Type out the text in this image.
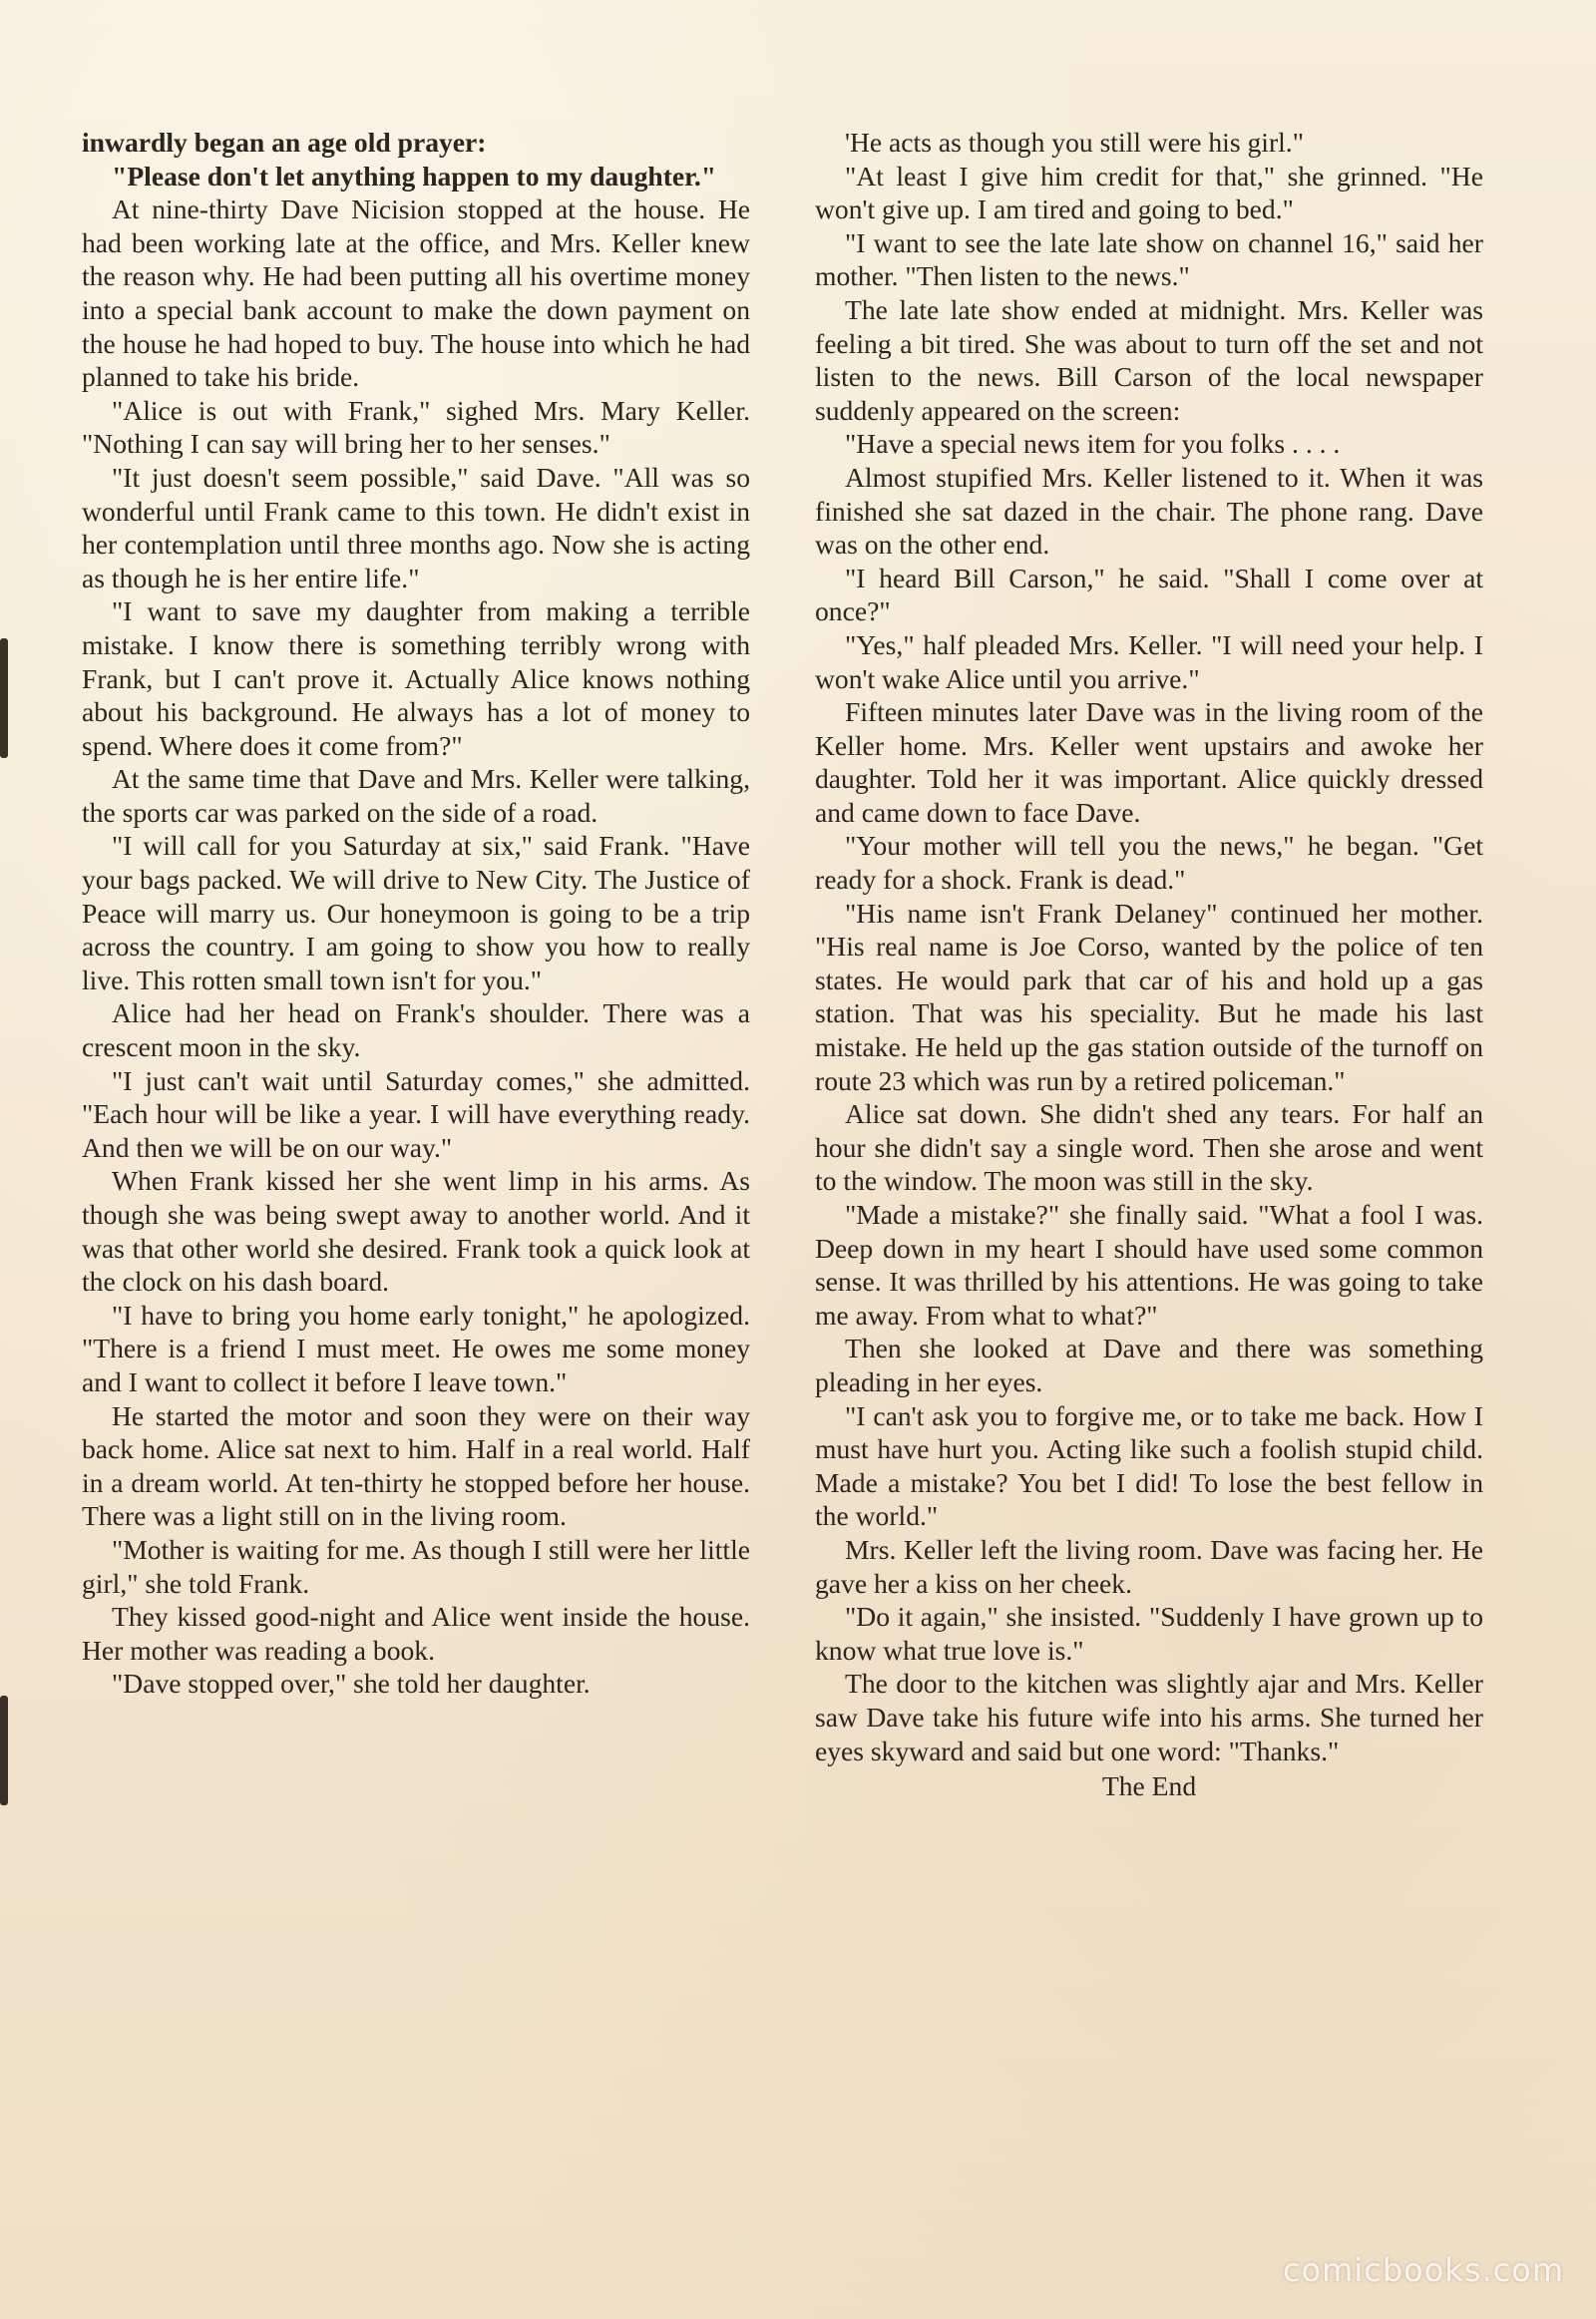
inwardly began an age old prayer:

"Please don't let anything happen to my daughter."

At nine-thirty Dave Nicision stopped at the house. He had been working late at the office, and Mrs. Keller knew the reason why. He had been putting all his overtime money into a special bank account to make the down payment on the house he had hoped to buy. The house into which he had planned to take his bride.

"Alice is out with Frank," sighed Mrs. Mary Keller. "Nothing I can say will bring her to her senses."

"It just doesn't seem possible," said Dave. "All was so wonderful until Frank came to this town. He didn't exist in her contemplation until three months ago. Now she is acting as though he is her entire life."

"I want to save my daughter from making a terrible mistake. I know there is something terribly wrong with Frank, but I can't prove it. Actually Alice knows nothing about his background. He always has a lot of money to spend. Where does it come from?"

At the same time that Dave and Mrs. Keller were talking, the sports car was parked on the side of a road.

"I will call for you Saturday at six," said Frank. "Have your bags packed. We will drive to New City. The Justice of Peace will marry us. Our honeymoon is going to be a trip across the country. I am going to show you how to really live. This rotten small town isn't for you."

Alice had her head on Frank's shoulder. There was a crescent moon in the sky.

"I just can't wait until Saturday comes," she admitted. "Each hour will be like a year. I will have everything ready. And then we will be on our way."

When Frank kissed her she went limp in his arms. As though she was being swept away to another world. And it was that other world she desired. Frank took a quick look at the clock on his dash board.

"I have to bring you home early tonight," he apologized. "There is a friend I must meet. He owes me some money and I want to collect it before I leave town."

He started the motor and soon they were on their way back home. Alice sat next to him. Half in a real world. Half in a dream world. At ten-thirty he stopped before her house. There was a light still on in the living room.

"Mother is waiting for me. As though I still were her little girl," she told Frank.

They kissed good-night and Alice went inside the house. Her mother was reading a book.

"Dave stopped over," she told her daughter.

'He acts as though you still were his girl."

"At least I give him credit for that," she grinned. "He won't give up. I am tired and going to bed."

"I want to see the late late show on channel 16," said her mother. "Then listen to the news."

The late late show ended at midnight. Mrs. Keller was feeling a bit tired. She was about to turn off the set and not listen to the news. Bill Carson of the local newspaper suddenly appeared on the screen:

"Have a special news item for you folks . . . .

Almost stupified Mrs. Keller listened to it. When it was finished she sat dazed in the chair. The phone rang. Dave was on the other end.

"I heard Bill Carson," he said. "Shall I come over at once?"

"Yes," half pleaded Mrs. Keller. "I will need your help. I won't wake Alice until you arrive."

Fifteen minutes later Dave was in the living room of the Keller home. Mrs. Keller went upstairs and awoke her daughter. Told her it was important. Alice quickly dressed and came down to face Dave.

"Your mother will tell you the news," he began. "Get ready for a shock. Frank is dead."

"His name isn't Frank Delaney" continued her mother. "His real name is Joe Corso, wanted by the police of ten states. He would park that car of his and hold up a gas station. That was his speciality. But he made his last mistake. He held up the gas station outside of the turnoff on route 23 which was run by a retired policeman."

Alice sat down. She didn't shed any tears. For half an hour she didn't say a single word. Then she arose and went to the window. The moon was still in the sky.

"Made a mistake?" she finally said. "What a fool I was. Deep down in my heart I should have used some common sense. It was thrilled by his attentions. He was going to take me away. From what to what?"

Then she looked at Dave and there was something pleading in her eyes.

"I can't ask you to forgive me, or to take me back. How I must have hurt you. Acting like such a foolish stupid child. Made a mistake? You bet I did! To lose the best fellow in the world."

Mrs. Keller left the living room. Dave was facing her. He gave her a kiss on her cheek.

"Do it again," she insisted. "Suddenly I have grown up to know what true love is."

The door to the kitchen was slightly ajar and Mrs. Keller saw Dave take his future wife into his arms. She turned her eyes skyward and said but one word: "Thanks."

The End

comicbooks.com
